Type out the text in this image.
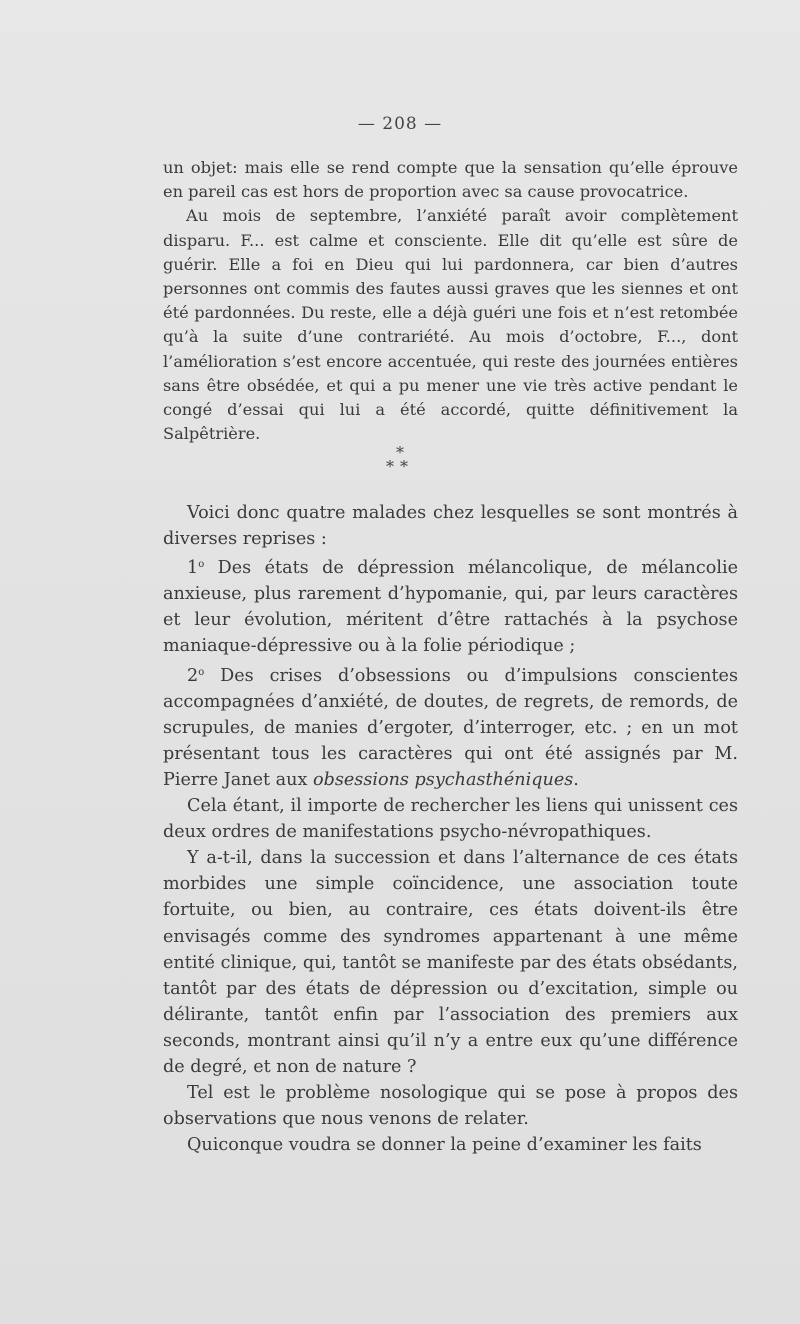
— 208 —

un objet: mais elle se rend compte que la sensation qu’elle éprouve en pareil cas est hors de proportion avec sa cause provocatrice.

Au mois de septembre, l’anxiété paraît avoir complètement disparu. F... est calme et consciente. Elle dit qu’elle est sûre de guérir. Elle a foi en Dieu qui lui pardonnera, car bien d’autres personnes ont commis des fautes aussi graves que les siennes et ont été pardonnées. Du reste, elle a déjà guéri une fois et n’est retombée qu’à la suite d’une contrariété. Au mois d’octobre, F..., dont l’amélioration s’est encore accentuée, qui reste des journées entières sans être obsédée, et qui a pu mener une vie très active pendant le congé d’essai qui lui a été accordé, quitte définitivement la Salpêtrière.

*
**

Voici donc quatre malades chez lesquelles se sont montrés à diverses reprises :

1$^o$ Des états de dépression mélancolique, de mélancolie anxieuse, plus rarement d’hypomanie, qui, par leurs caractères et leur évolution, méritent d’être rattachés à la psychose maniaque-dépressive ou à la folie périodique ;

2$^o$ Des crises d’obsessions ou d’impulsions conscientes accompagnées d’anxiété, de doutes, de regrets, de remords, de scrupules, de manies d’ergoter, d’interroger, etc. ; en un mot présentant tous les caractères qui ont été assignés par M. Pierre Janet aux obsessions psychasthéniques.

Cela étant, il importe de rechercher les liens qui unissent ces deux ordres de manifestations psycho-névropathiques.

Y a-t-il, dans la succession et dans l’alternance de ces états morbides une simple coïncidence, une association toute fortuite, ou bien, au contraire, ces états doivent-ils être envisagés comme des syndromes appartenant à une même entité clinique, qui, tantôt se manifeste par des états obsédants, tantôt par des états de dépression ou d’excitation, simple ou délirante, tantôt enfin par l’association des premiers aux seconds, montrant ainsi qu’il n’y a entre eux qu’une différence de degré, et non de nature ?

Tel est le problème nosologique qui se pose à propos des observations que nous venons de relater.

Quiconque voudra se donner la peine d’examiner les faits
